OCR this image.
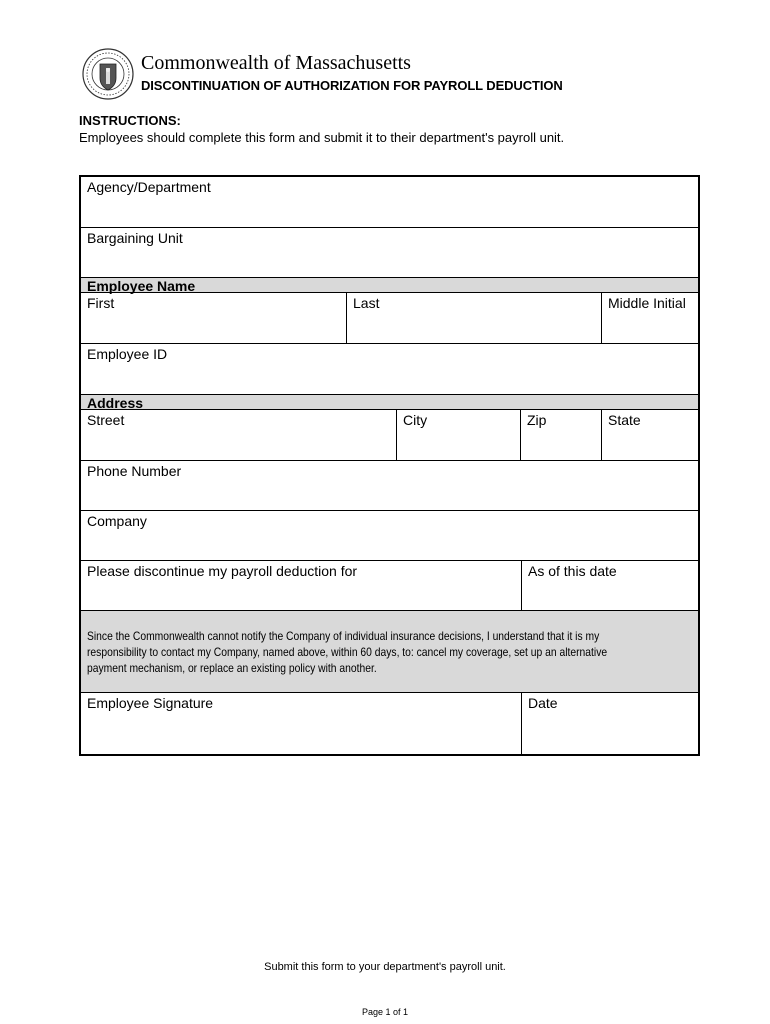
Commonwealth of Massachusetts
DISCONTINUATION OF AUTHORIZATION FOR PAYROLL DEDUCTION
INSTRUCTIONS:
Employees should complete this form and submit it to their department's payroll unit.
Agency/Department
Bargaining Unit
Employee Name
First	Last	Middle Initial
Employee ID
Address
Street	City	Zip	State
Phone Number
Company
Please discontinue my payroll deduction for	As of this date
Since the Commonwealth cannot notify the Company of individual insurance decisions, I understand that it is my responsibility to contact my Company, named above, within 60 days, to: cancel my coverage, set up an alternative payment mechanism, or replace an existing policy with another.
Employee Signature	Date
Submit this form to your department's payroll unit.
Page 1 of 1
